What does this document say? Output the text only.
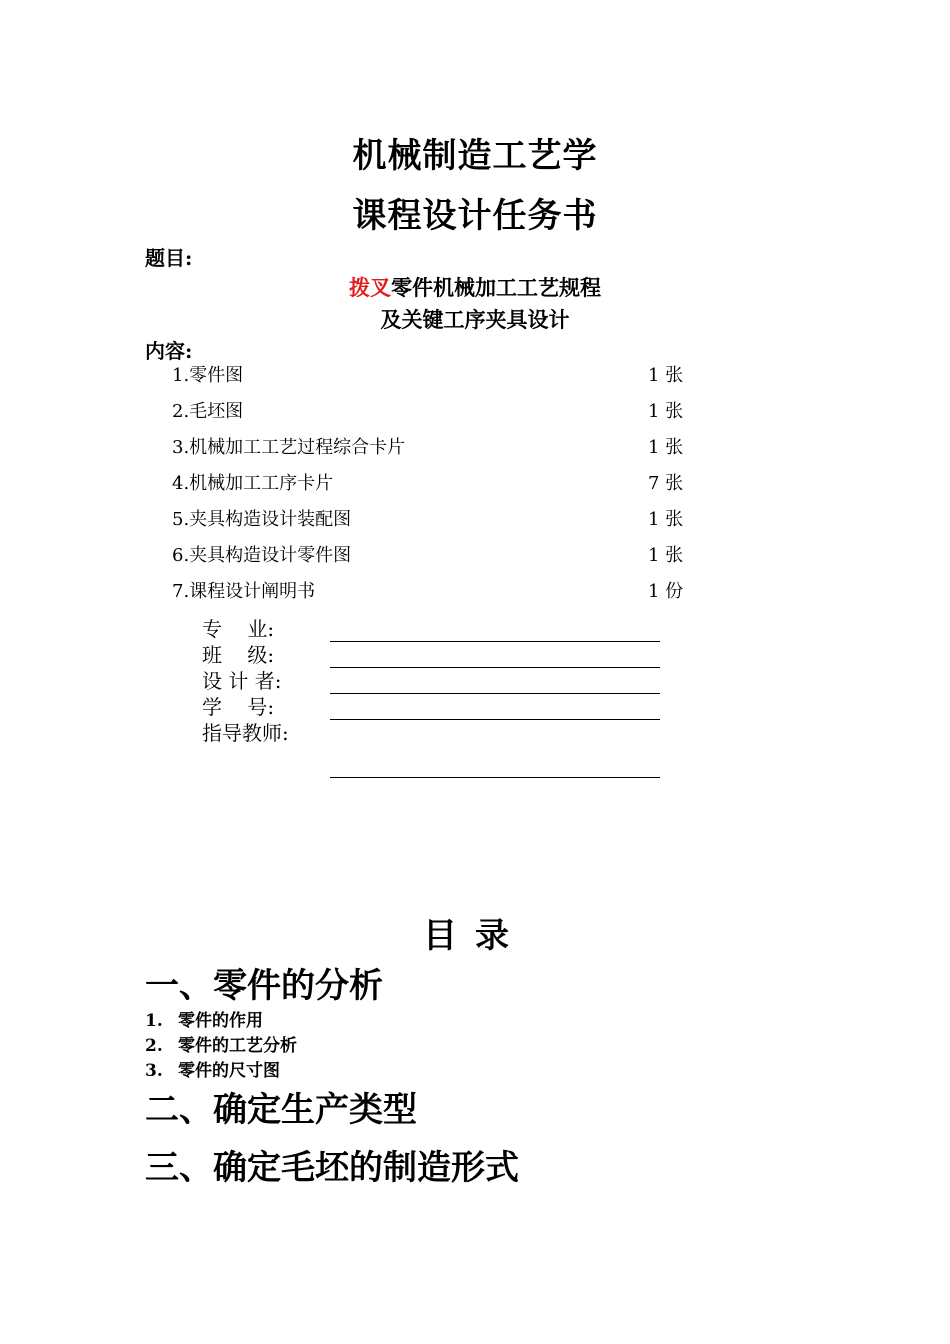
机械制造工艺学
课程设计任务书
题目:
拨叉零件机械加工工艺规程
及关键工序夹具设计
内容:
1.零件图	1 张
2.毛坯图	1 张
3.机械加工工艺过程综合卡片	1 张
4.机械加工工序卡片	7 张
5.夹具构造设计装配图	1 张
6.夹具构造设计零件图	1 张
7.课程设计阐明书	1 份
专    业:
班    级:
设 计 者:
学    号:
指导教师:
目录
一、零件的分析
1. 零件的作用
2. 零件的工艺分析
3. 零件的尺寸图
二、确定生产类型
三、确定毛坯的制造形式
